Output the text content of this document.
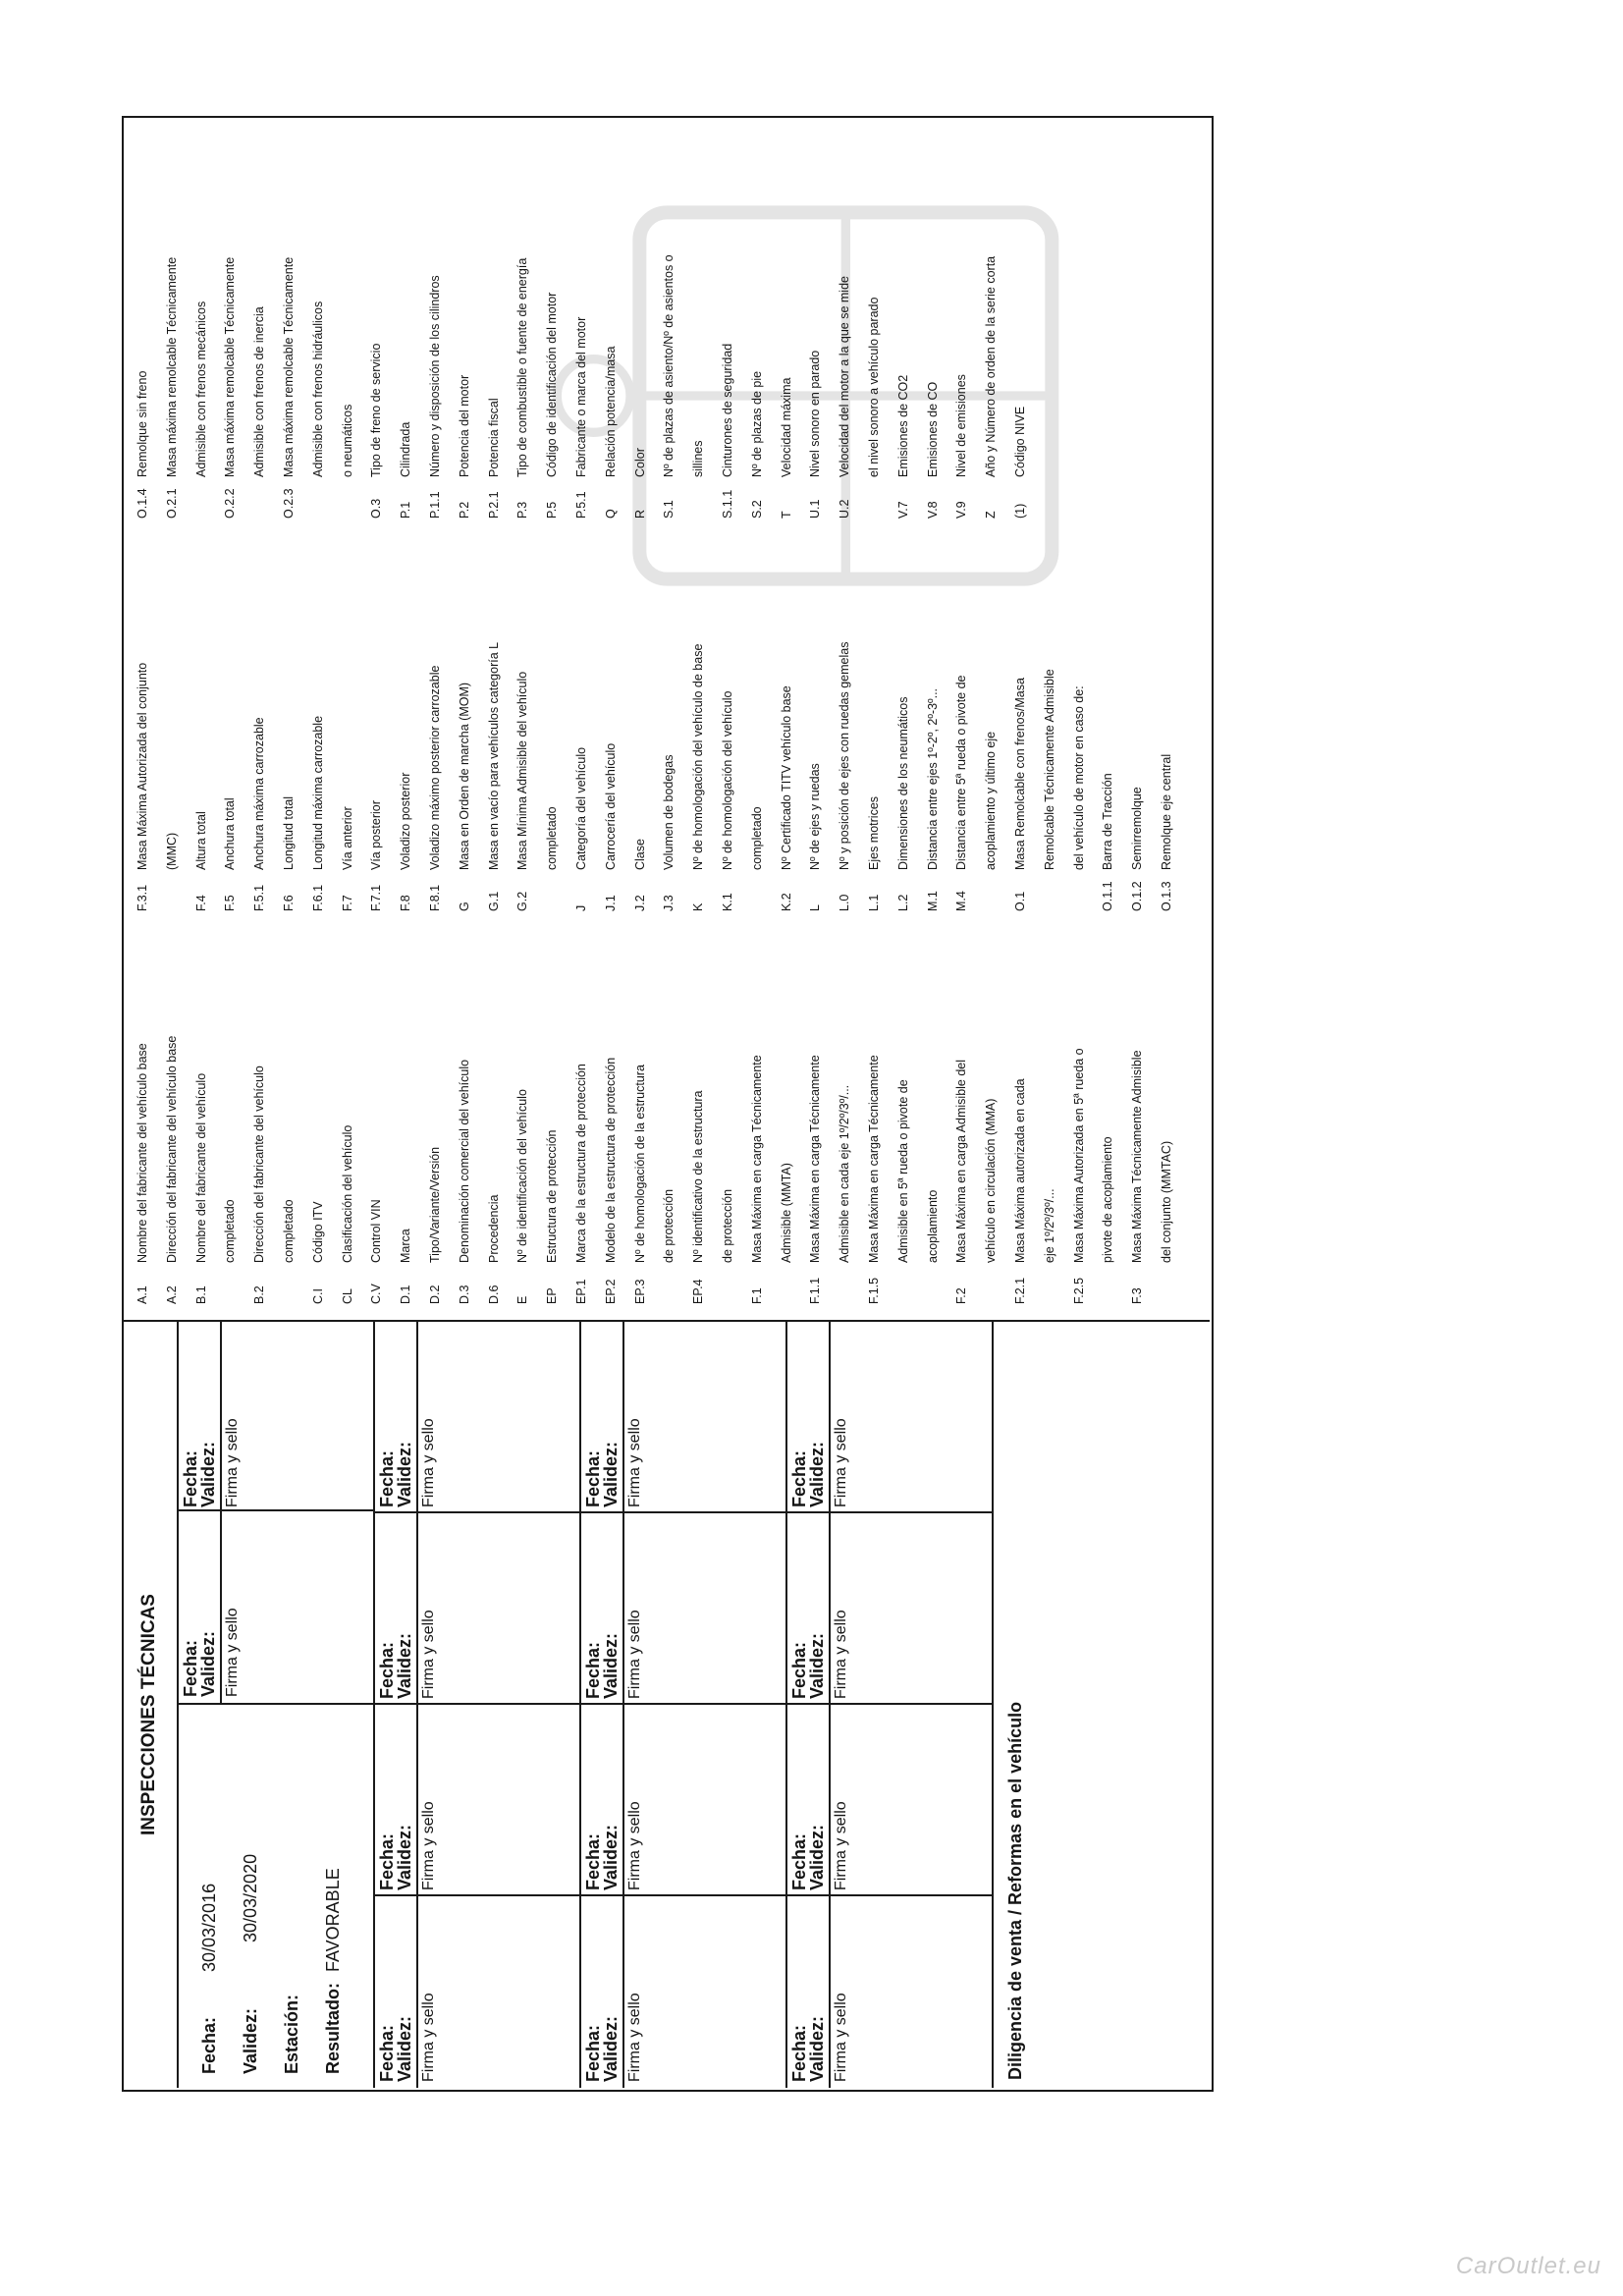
INSPECCIONES TÉCNICAS
Fecha:30/03/2016
Validez:30/03/2020
Estación: Resultado:FAVORABLE
Fecha:
Validez: Firma y sello
Fecha:
Validez: Firma y sello
Fecha:
Validez: Firma y sello
Fecha:
Validez: Firma y sello
Fecha:
Validez: Firma y sello
Fecha:
Validez: Firma y sello
Fecha:
Validez: Firma y sello
Fecha:
Validez: Firma y sello
Fecha:
Validez: Firma y sello
Fecha:
Validez: Firma y sello
Fecha:
Validez: Firma y sello
Fecha:
Validez: Firma y sello
Fecha:
Validez: Firma y sello
Fecha:
Validez: Firma y sello
Diligencia de venta / Reformas en el vehículo
A.1Nombre del fabricante del vehículo base
A.2Dirección del fabricante del vehículo base
B.1Nombre del fabricante del vehículo completado
B.2Dirección del fabricante del vehículo completado
C.ICódigo ITV
CLClasificación del vehículo
C.VControl VIN
D.1Marca
D.2Tipo/Variante/Versión
D.3Denominación comercial del vehículo
D.6Procedencia
ENº de identificación del vehículo
EPEstructura de protección
EP.1Marca de la estructura de protección
EP.2Modelo de la estructura de protección
EP.3Nº de homologación de la estructura de protección
EP.4Nº identificativo de la estructura de protección
F.1Masa Máxima en carga Técnicamente Admisible (MMTA)
F.1.1Masa Máxima en carga Técnicamente Admisible en cada eje 1º/2º/3º/...
F.1.5Masa Máxima en carga Técnicamente Admisible en 5ª rueda o pivote de acoplamiento
F.2Masa Máxima en carga Admisible del vehículo en circulación (MMA)
F.2.1Masa Máxima autorizada en cada eje 1º/2º/3º/...
F.2.5Masa Máxima Autorizada en 5ª rueda o pivote de acoplamiento
F.3Masa Máxima Técnicamente Admisible del conjunto (MMTAC)
F.3.1Masa Máxima Autorizada del conjunto (MMC)
F.4Altura total
F.5Anchura total
F.5.1Anchura máxima carrozable
F.6Longitud total
F.6.1Longitud máxima carrozable
F.7Vía anterior
F.7.1Vía posterior
F.8Voladizo posterior
F.8.1Voladizo máximo posterior carrozable
GMasa en Orden de marcha (MOM)
G.1Masa en vacío para vehículos categoría L
G.2Masa Mínima Admisible del vehículo completado
JCategoría del vehículo
J.1Carrocería del vehículo
J.2Clase
J.3Volumen de bodegas
KNº de homologación del vehículo de base
K.1Nº de homologación del vehículo completado
K.2Nº Certificado TITV vehículo base
LNº de ejes y ruedas
L.0Nº y posición de ejes con ruedas gemelas
L.1Ejes motrices
L.2Dimensiones de los neumáticos
M.1Distancia entre ejes 1º-2º, 2º-3º...
M.4Distancia entre 5ª rueda o pivote de acoplamiento y último eje
O.1Masa Remolcable con frenos/Masa Remolcable Técnicamente Admisible del vehículo de motor en caso de:
O.1.1Barra de Tracción
O.1.2Semirremolque
O.1.3Remolque eje central
O.1.4Remolque sin freno
O.2.1Masa máxima remolcable Técnicamente Admisible con frenos mecánicos
O.2.2Masa máxima remolcable Técnicamente Admisible con frenos de inercia
O.2.3Masa máxima remolcable Técnicamente Admisible con frenos hidráulicos o neumáticos
O.3Tipo de freno de servicio
P.1Cilindrada
P.1.1Número y disposición de los cilindros
P.2Potencia del motor
P.2.1Potencia fiscal
P.3Tipo de combustible o fuente de energía
P.5Código de identificación del motor
P.5.1Fabricante o marca del motor
QRelación potencia/masa
RColor
S.1Nº de plazas de asiento/Nº de asientos o sillines
S.1.1Cinturones de seguridad
S.2Nº de plazas de pie
TVelocidad máxima
U.1Nivel sonoro en parado
U.2Velocidad del motor a la que se mide el nivel sonoro a vehículo parado
V.7Emisiones de CO2
V.8Emisiones de CO
V.9Nivel de emisiones
ZAño y Número de orden de la serie corta
(1)Código NIVE
CarOutlet.eu
